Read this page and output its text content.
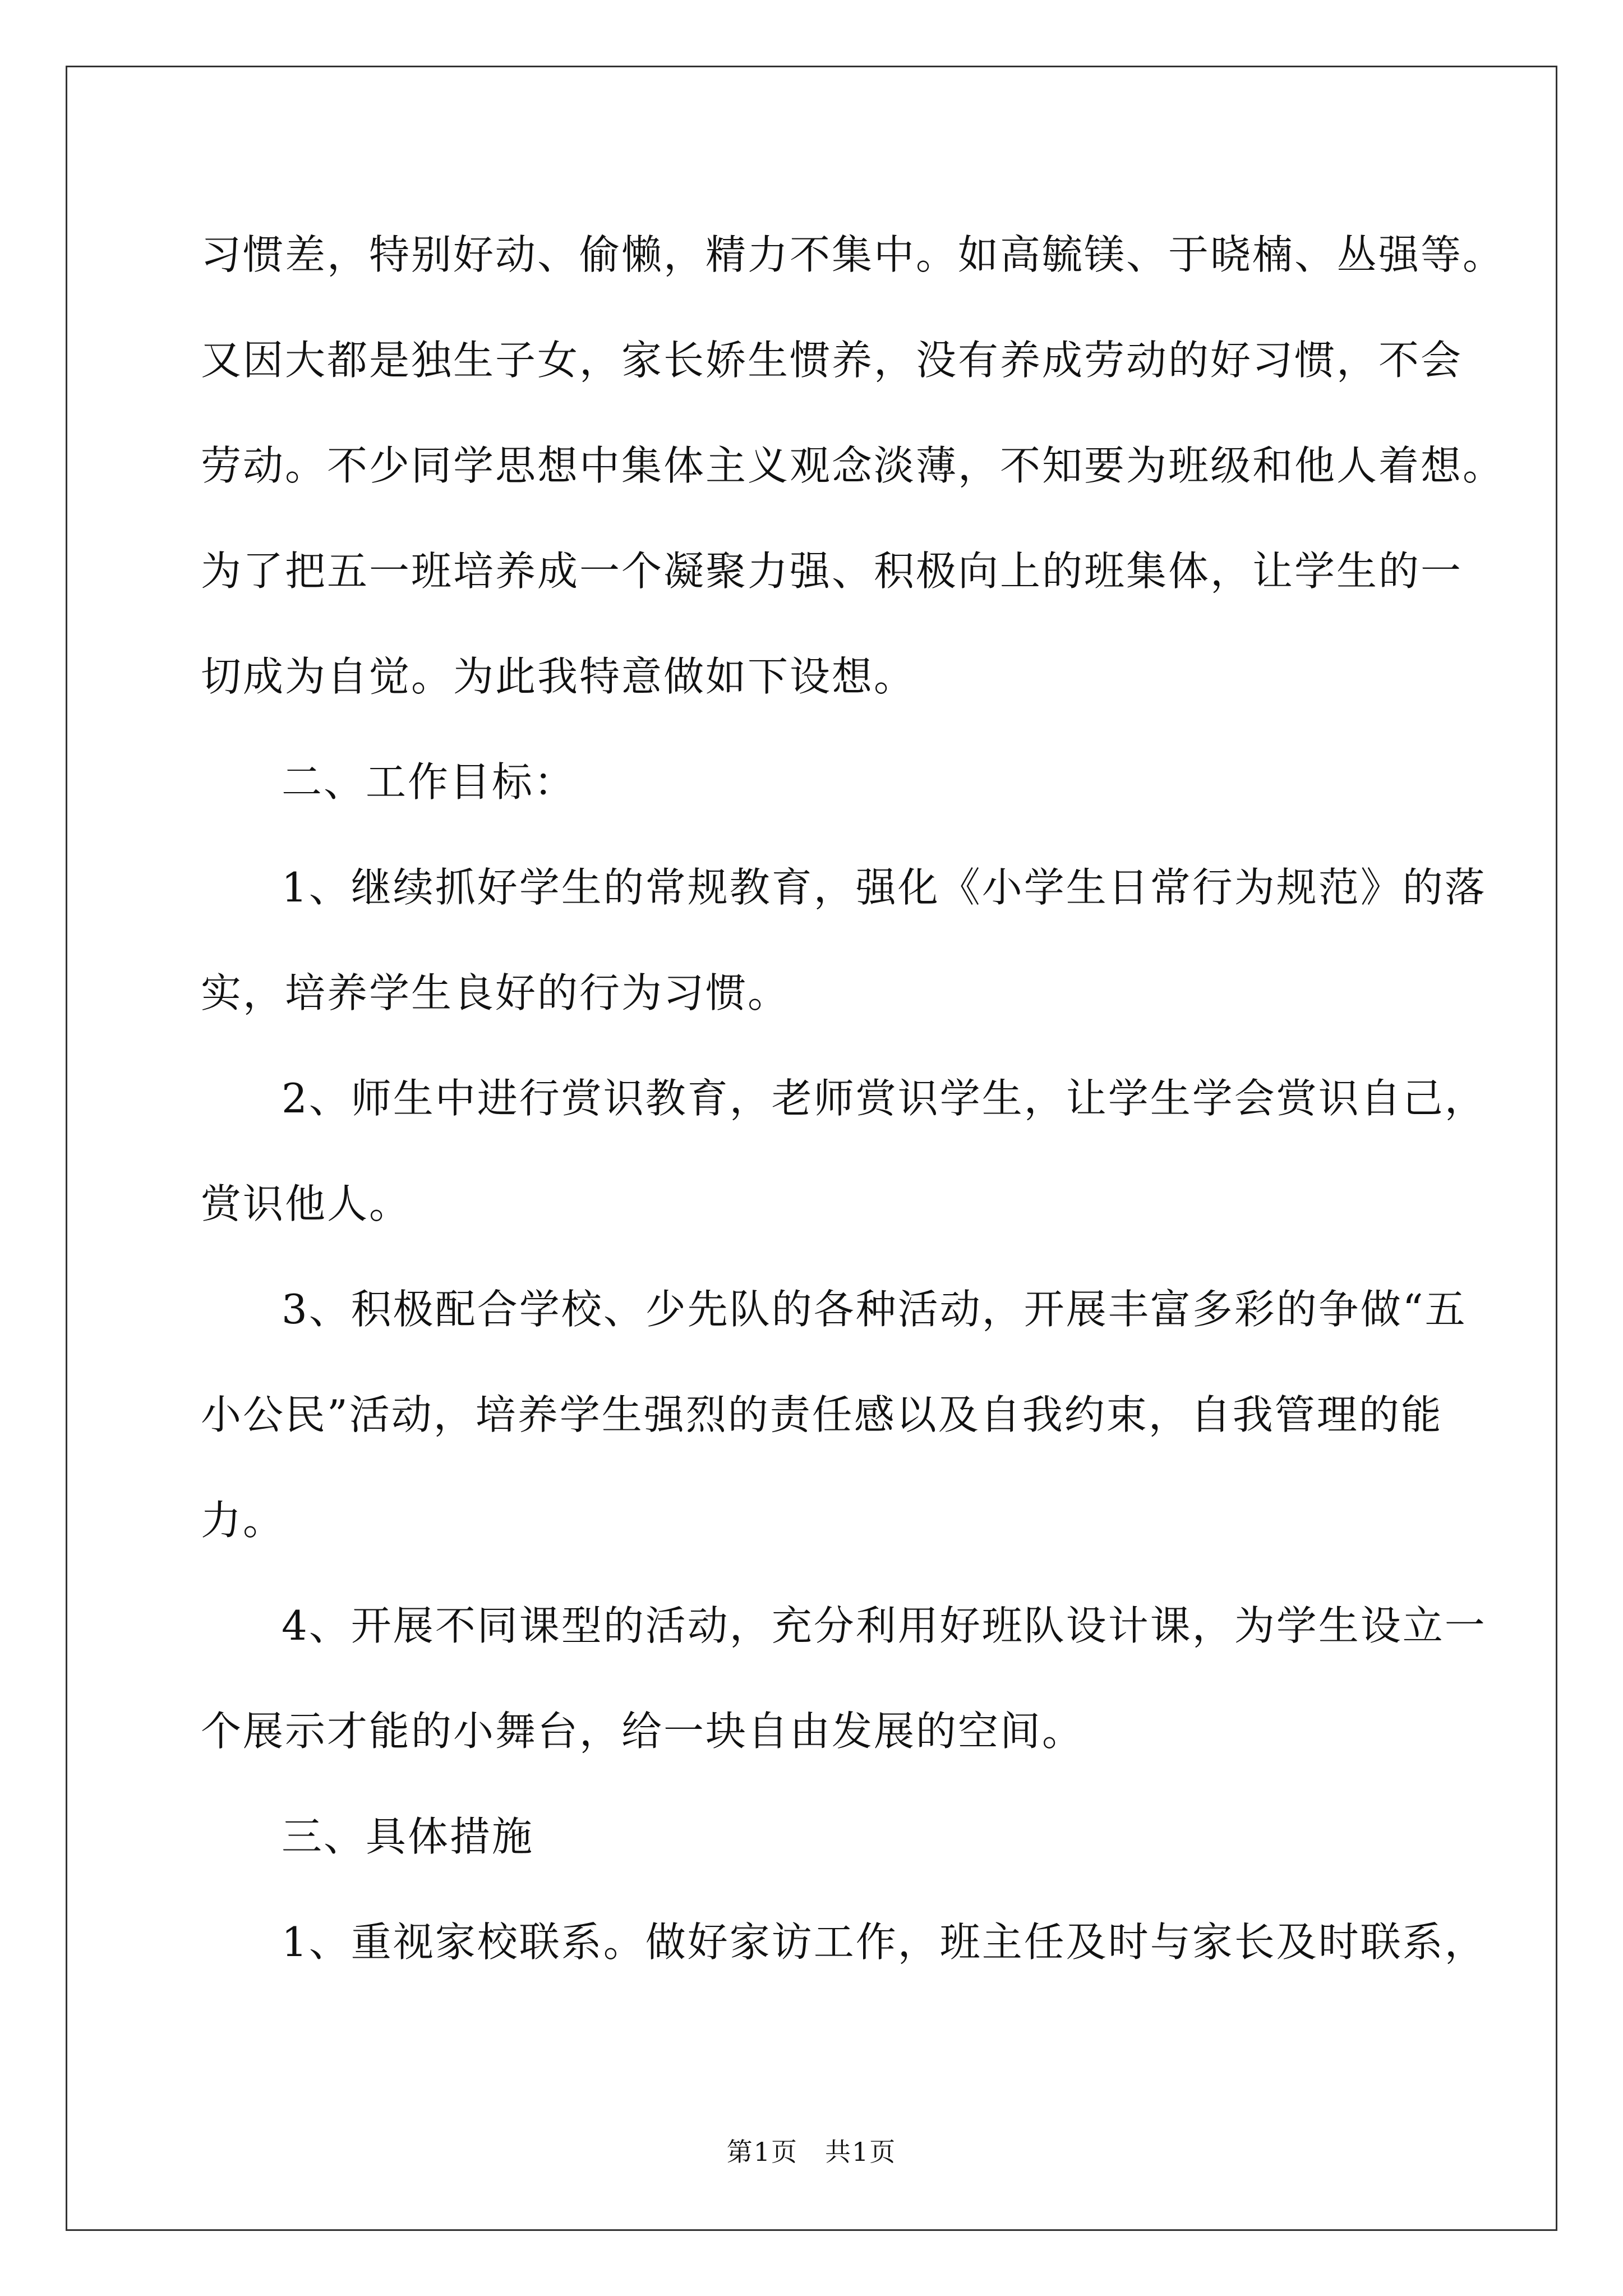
习惯差，特别好动、偷懒，精力不集中。如高毓镁、于晓楠、丛强等。
又因大都是独生子女，家长娇生惯养，没有养成劳动的好习惯，不会
劳动。不少同学思想中集体主义观念淡薄，不知要为班级和他人着想。
为了把五一班培养成一个凝聚力强、积极向上的班集体，让学生的一
切成为自觉。为此我特意做如下设想。
二、工作目标：
1、继续抓好学生的常规教育，强化《小学生日常行为规范》的落
实，培养学生良好的行为习惯。
2、师生中进行赏识教育，老师赏识学生，让学生学会赏识自己，
赏识他人。
3、积极配合学校、少先队的各种活动，开展丰富多彩的争做“五
小公民”活动，培养学生强烈的责任感以及自我约束，自我管理的能
力。
4、开展不同课型的活动，充分利用好班队设计课，为学生设立一
个展示才能的小舞台，给一块自由发展的空间。
三、具体措施
1、重视家校联系。做好家访工作，班主任及时与家长及时联系，
第1页　共1页
